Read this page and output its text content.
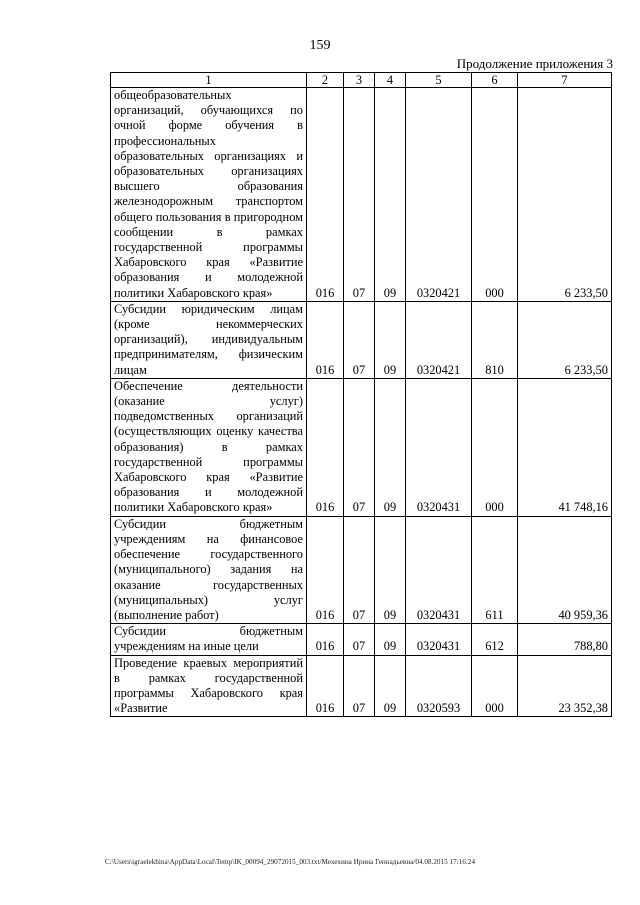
159
Продолжение приложения 3
1	2	3	4	5	6	7
общеобразовательных организаций, обучающихся по очной форме обучения в профессиональных образовательных организациях и образовательных организациях высшего образования железнодорожным транспортом общего пользования в пригородном сообщении в рамках государственной программы Хабаровского края «Развитие образования и молодежной политики Хабаровского края»	016	07	09	0320421	000	6 233,50
Субсидии юридическим лицам (кроме некоммерческих организаций), индивидуальным предпринимателям, физическим лицам	016	07	09	0320421	810	6 233,50
Обеспечение деятельности (оказание услуг) подведомственных организаций (осуществляющих оценку качества образования) в рамках государственной программы Хабаровского края «Развитие образования и молодежной политики Хабаровского края»	016	07	09	0320431	000	41 748,16
Субсидии бюджетным учреждениям на финансовое обеспечение государственного (муниципального) задания на оказание государственных (муниципальных) услуг (выполнение работ)	016	07	09	0320431	611	40 959,36
Субсидии бюджетным учреждениям на иные цели	016	07	09	0320431	612	788,80
Проведение краевых мероприятий в рамках государственной программы Хабаровского края «Развитие	016	07	09	0320593	000	23 352,38
C:\Users\igraelekhina\AppData\Local\Temp\IK_00094_29072015_003.txt/Мехехина Ирина Геннадьевна/04.08.2015 17:16:24
